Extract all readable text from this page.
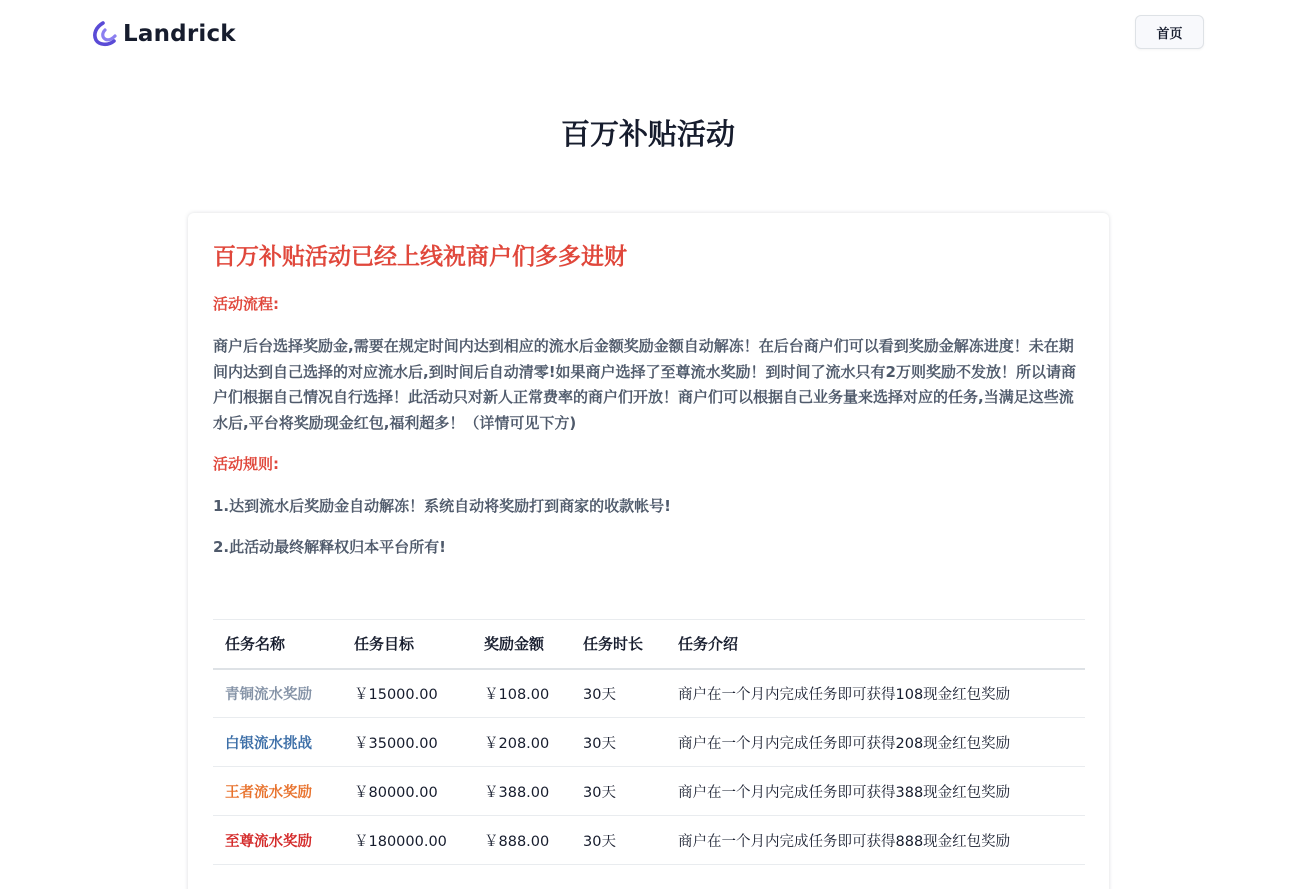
Landrick	首页
百万补贴活动
百万补贴活动已经上线祝商户们多多进财
活动流程:

商户后台选择奖励金,需要在规定时间内达到相应的流水后金额奖励金额自动解冻！在后台商户们可以看到奖励金解冻进度！未在期间内达到自己选择的对应流水后,到时间后自动清零!如果商户选择了至尊流水奖励！到时间了流水只有2万则奖励不发放！所以请商户们根据自己情况自行选择！此活动只对新人正常费率的商户们开放！商户们可以根据自己业务量来选择对应的任务,当满足这些流水后,平台将奖励现金红包,福利超多！（详情可见下方)

活动规则:
1.达到流水后奖励金自动解冻！系统自动将奖励打到商家的收款帐号!
2.此活动最终解释权归本平台所有!
任务名称	任务目标	奖励金额	任务时长	任务介绍
青铜流水奖励	￥15000.00	￥108.00	30天	商户在一个月内完成任务即可获得108现金红包奖励
白银流水挑战	￥35000.00	￥208.00	30天	商户在一个月内完成任务即可获得208现金红包奖励
王者流水奖励	￥80000.00	￥388.00	30天	商户在一个月内完成任务即可获得388现金红包奖励
至尊流水奖励	￥180000.00	￥888.00	30天	商户在一个月内完成任务即可获得888现金红包奖励
